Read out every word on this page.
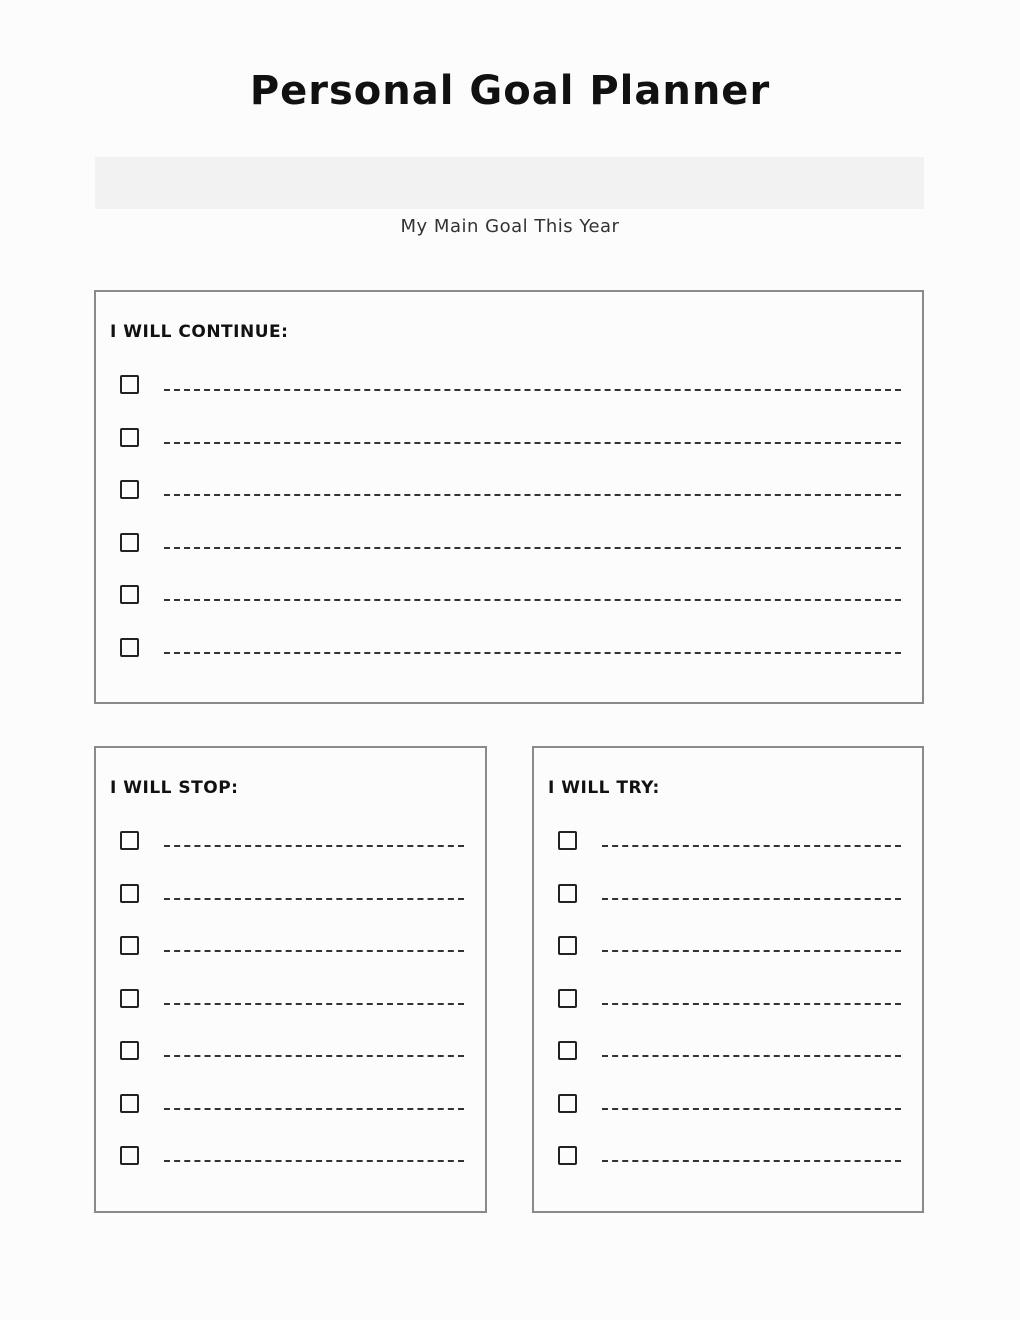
Personal Goal Planner
My Main Goal This Year
I WILL CONTINUE:
I WILL STOP:	I WILL TRY:
